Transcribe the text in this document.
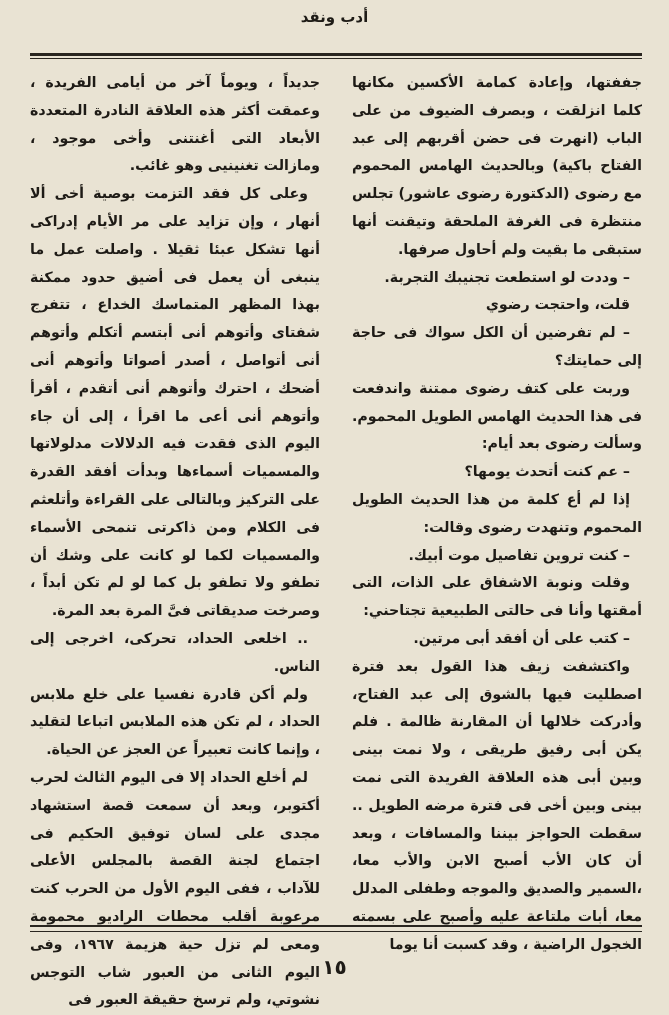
أدب ونقد

جففتها، وإعادة كمامة الأكسين مكانها كلما انزلقت ، وبصرف الضيوف من على الباب (انهرت فى حضن أقربهم إلى عبد الفتاح باكية) وبالحديث الهامس المحموم مع رضوى (الدكتورة رضوى عاشور) تجلس منتظرة فى الغرفة الملحقة وتيقنت أنها ستبقى ما بقيت ولم أحاول صرفها.

– وددت لو استطعت تجنيبك التجربة.

قلت، واحتجت رضوي

– لم تفرضين أن الكل سواك فى حاجة إلى حمايتك؟

وربت على كتف رضوى ممتنة واندفعت فى هذا الحديث الهامس الطويل المحموم. وسألت رضوى بعد أيام:

– عم كنت أتحدث يومها؟

إذا لم أع كلمة من هذا الحديث الطويل المحموم وتنهدت رضوى وقالت:

– كنت تروين تفاصيل موت أبيك.

وقلت ونوبة الاشفاق على الذات، التى أمقتها وأنا فى حالتى الطبيعية تجتاحني:

– كتب على أن أفقد أبى مرتين.

واكتشفت زيف هذا القول بعد فترة اصطليت فيها بالشوق إلى عبد الفتاح، وأدركت خلالها أن المقارنة ظالمة . فلم يكن أبى رفيق طريقى ، ولا نمت بينى وبين أبى هذه العلاقة الفريدة التى نمت بينى وبين أخى فى فترة مرضه الطويل .. سقطت الحواجز بيننا والمسافات ، وبعد أن كان الأب أصبح الابن والأب معا، ،السمير والصديق والموجه وطفلى المدلل معا، أبات ملتاعة عليه وأصبح على بسمته الخجول الراضية ، وقد كسبت أنا يوما

جديداً ، ويوماً آخر من أيامى الفريدة ، وعمقت أكثر هذه العلاقة النادرة المتعددة الأبعاد التى أغنتنى وأخى موجود ، ومازالت تغنينيى وهو غائب.

وعلى كل فقد التزمت بوصية أخى ألا أنهار ، وإن تزايد على مر الأيام إدراكى أنها تشكل عبئا ثقيلا . واصلت عمل ما ينبغى أن يعمل فى أضيق حدود ممكنة بهذا المظهر المتماسك الخداع ، تتفرج شفتاى وأتوهم أنى أبتسم أتكلم وأتوهم أنى أتواصل ، أصدر أصواتا وأتوهم أنى أضحك ، احترك وأتوهم أنى أتقدم ، أقرأ وأتوهم أنى أعى ما اقرأ ، إلى أن جاء اليوم الذى فقدت فيه الدلالات مدلولاتها والمسميات أسماءها وبدأت أفقد القدرة على التركيز وبالتالى على القراءة وأتلعثم فى الكلام ومن ذاكرتى تنمحى الأسماء والمسميات لكما لو كانت على وشك أن تطفو ولا تطفو بل كما لو لم تكن أبداً ، وصرخت صديقاتى فىَّ المرة بعد المرة.

.. اخلعى الحداد، تحركى، اخرجى إلى الناس.

ولم أكن قادرة نفسيا على خلع ملابس الحداد ، لم تكن هذه الملابس اتباعا لتقليد ، وإنما كانت تعبيراً عن العجز عن الحياة.

لم أخلع الحداد إلا فى اليوم الثالث لحرب أكتوبر، وبعد أن سمعت قصة استشهاد مجدى على لسان توفيق الحكيم فى اجتماع لجنة القصة بالمجلس الأعلى للآداب ، ففى اليوم الأول من الحرب كنت مرعوبة أقلب محطات الراديو محمومة ومعى لم تزل حية هزيمة ١٩٦٧، وفى اليوم الثانى من العبور شاب التوجس نشوتي، ولم ترسخ حقيقة العبور فى

١٥
